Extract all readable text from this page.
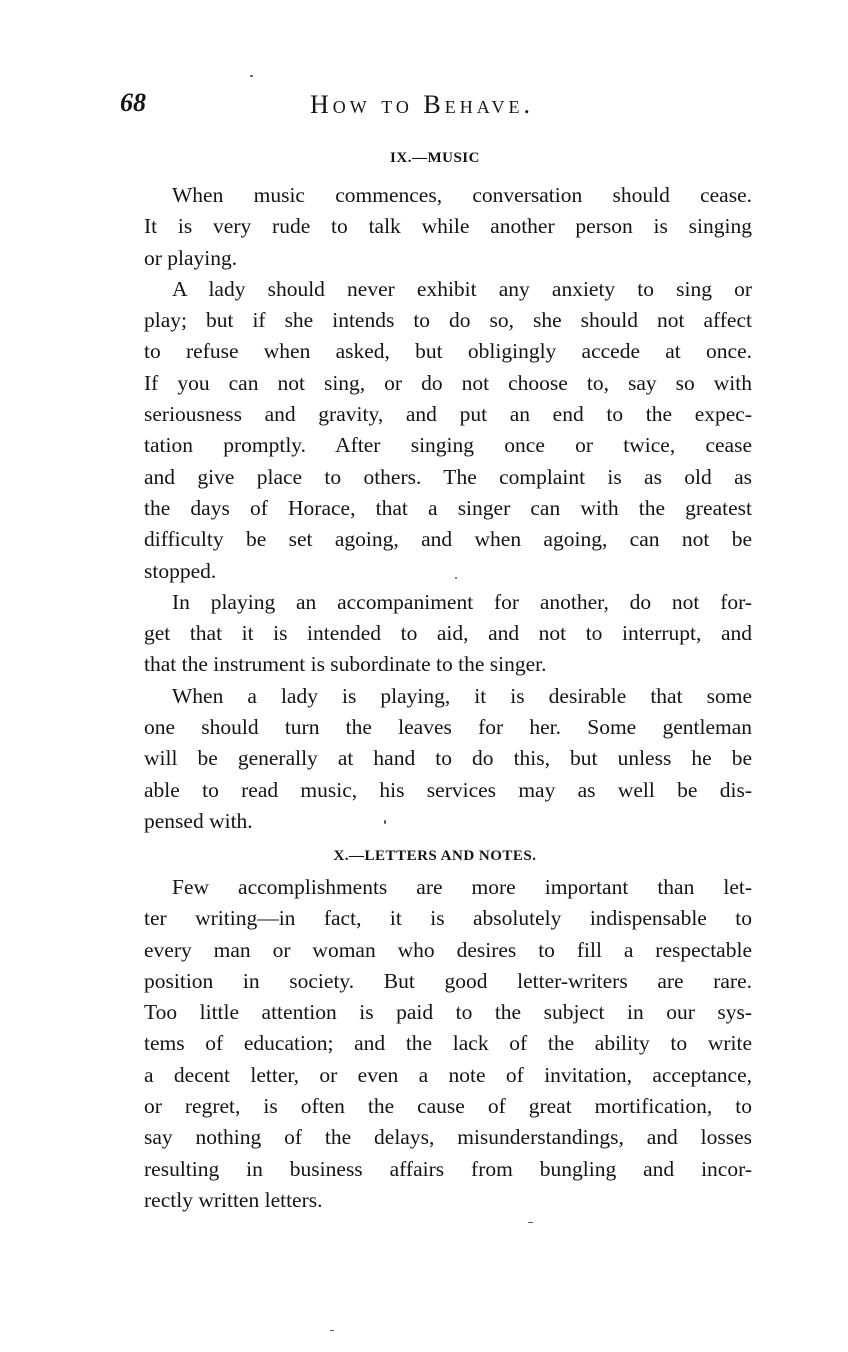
68	How to Behave.
IX.—MUSIC

When music commences, conversation should cease.
It is very rude to talk while another person is singing
or playing.

A lady should never exhibit any anxiety to sing or
play; but if she intends to do so, she should not affect
to refuse when asked, but obligingly accede at once.
If you can not sing, or do not choose to, say so with
seriousness and gravity, and put an end to the expec-
tation promptly. After singing once or twice, cease
and give place to others. The complaint is as old as
the days of Horace, that a singer can with the greatest
difficulty be set agoing, and when agoing, can not be
stopped.

In playing an accompaniment for another, do not for-
get that it is intended to aid, and not to interrupt, and
that the instrument is subordinate to the singer.

When a lady is playing, it is desirable that some
one should turn the leaves for her. Some gentleman
will be generally at hand to do this, but unless he be
able to read music, his services may as well be dis-
pensed with.

X.—LETTERS AND NOTES.

Few accomplishments are more important than let-
ter writing—in fact, it is absolutely indispensable to
every man or woman who desires to fill a respectable
position in society. But good letter-writers are rare.
Too little attention is paid to the subject in our sys-
tems of education; and the lack of the ability to write
a decent letter, or even a note of invitation, acceptance,
or regret, is often the cause of great mortification, to
say nothing of the delays, misunderstandings, and losses
resulting in business affairs from bungling and incor-
rectly written letters.
